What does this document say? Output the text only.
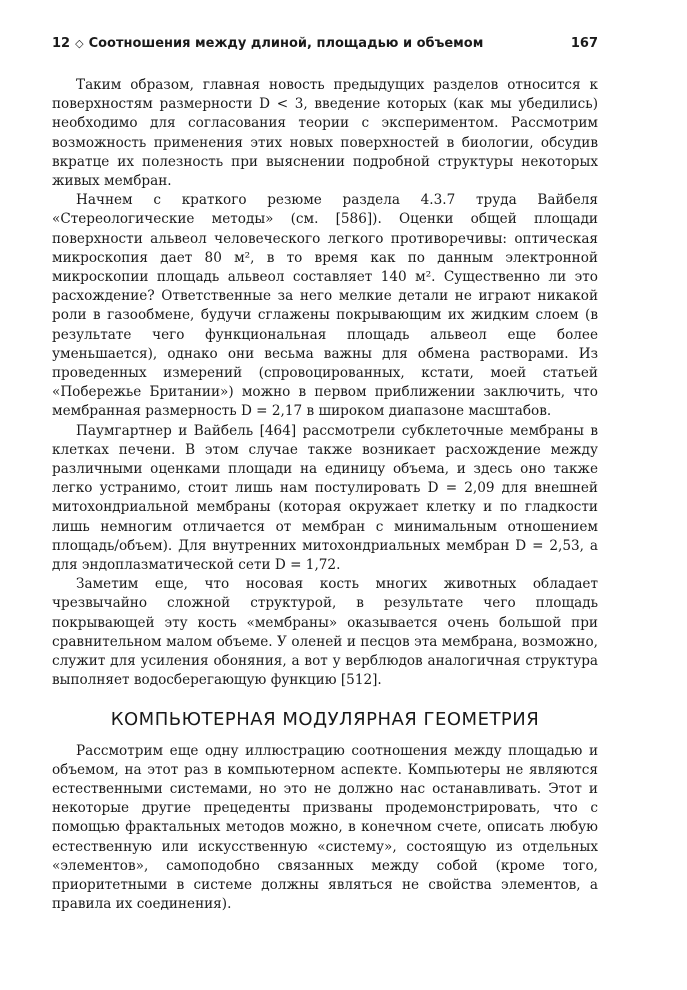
12 ◇ Соотношения между длиной, площадью и объемом	167

Таким образом, главная новость предыдущих разделов относится к поверхностям размерности D < 3, введение которых (как мы убедились) необходимо для согласования теории с экспериментом. Рассмотрим возможность применения этих новых поверхностей в биологии, обсудив вкратце их полезность при выяснении подробной структуры некоторых живых мембран.

Начнем с краткого резюме раздела 4.3.7 труда Вайбеля «Стереологические методы» (см. [586]). Оценки общей площади поверхности альвеол человеческого легкого противоречивы: оптическая микроскопия дает 80 м², в то время как по данным электронной микроскопии площадь альвеол составляет 140 м². Существенно ли это расхождение? Ответственные за него мелкие детали не играют никакой роли в газообмене, будучи сглажены покрывающим их жидким слоем (в результате чего функциональная площадь альвеол еще более уменьшается), однако они весьма важны для обмена растворами. Из проведенных измерений (спровоцированных, кстати, моей статьей «Побережье Британии») можно в первом приближении заключить, что мембранная размерность D = 2,17 в широком диапазоне масштабов.

Паумгартнер и Вайбель [464] рассмотрели субклеточные мембраны в клетках печени. В этом случае также возникает расхождение между различными оценками площади на единицу объема, и здесь оно также легко устранимо, стоит лишь нам постулировать D = 2,09 для внешней митохондриальной мембраны (которая окружает клетку и по гладкости лишь немногим отличается от мембран с минимальным отношением площадь/объем). Для внутренних митохондриальных мембран D = 2,53, а для эндоплазматической сети D = 1,72.

Заметим еще, что носовая кость многих животных обладает чрезвычайно сложной структурой, в результате чего площадь покрывающей эту кость «мембраны» оказывается очень большой при сравнительном малом объеме. У оленей и песцов эта мембрана, возможно, служит для усиления обоняния, а вот у верблюдов аналогичная структура выполняет водосберегающую функцию [512].

КОМПЬЮТЕРНАЯ МОДУЛЯРНАЯ ГЕОМЕТРИЯ

Рассмотрим еще одну иллюстрацию соотношения между площадью и объемом, на этот раз в компьютерном аспекте. Компьютеры не являются естественными системами, но это не должно нас останавливать. Этот и некоторые другие прецеденты призваны продемонстрировать, что с помощью фрактальных методов можно, в конечном счете, описать любую естественную или искусственную «систему», состоящую из отдельных «элементов», самоподобно связанных между собой (кроме того, приоритетными в системе должны являться не свойства элементов, а правила их соединения).
